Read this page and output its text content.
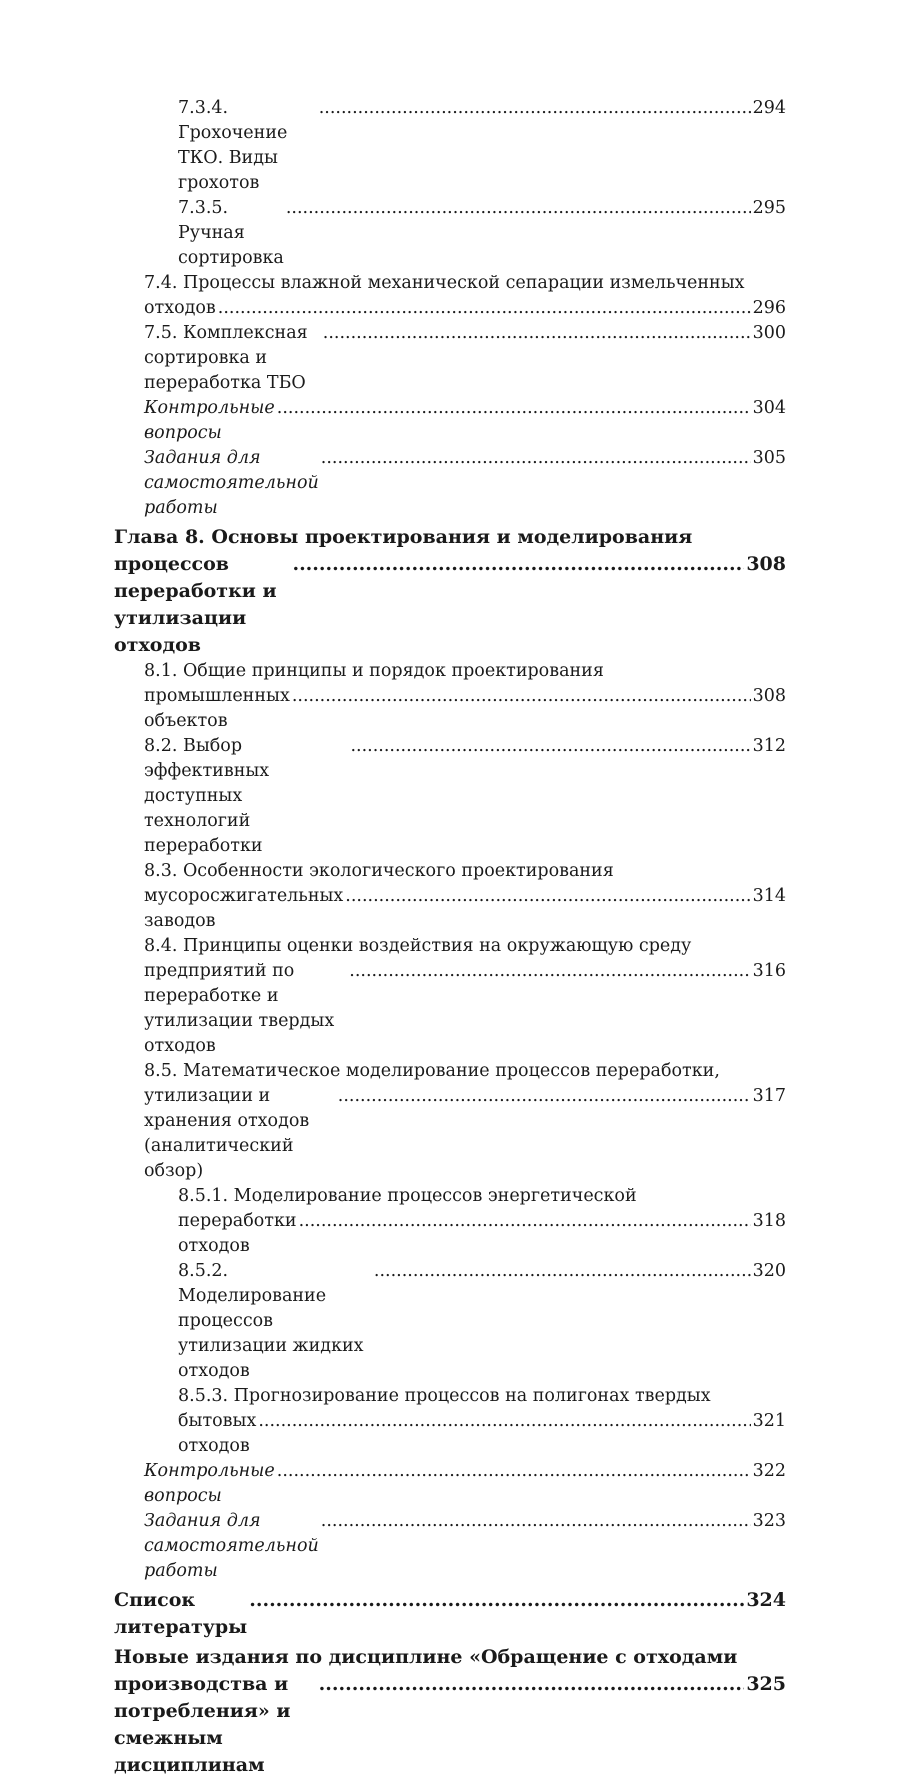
7.3.4. Грохочение ТКО. Виды грохотов
.....
294
7.3.5. Ручная сортировка
.....
295
7.4. Процессы влажной механической сепарации измельченных
отходов
.....	296
7.5. Комплексная сортировка и переработка ТБО
.....
300
Контрольные вопросы
.....
304
Задания для самостоятельной работы
.....
305
Глава 8. Основы проектирования и моделирования
процессов переработки и утилизации отходов
.....
308
8.1. Общие принципы и порядок проектирования
промышленных объектов
.....
308
8.2. Выбор эффективных доступных технологий переработки
.....
312
8.3. Особенности экологического проектирования
мусоросжигательных заводов
.....
314
8.4. Принципы оценки воздействия на окружающую среду
предприятий по переработке и утилизации твердых отходов
.....
316
8.5. Математическое моделирование процессов переработки,
утилизации и хранения отходов (аналитический обзор)
.....
317
8.5.1. Моделирование процессов энергетической
переработки отходов
.....
318
8.5.2. Моделирование процессов утилизации жидких отходов
.....
320
8.5.3. Прогнозирование процессов на полигонах твердых
бытовых отходов
.....
321
Контрольные вопросы
.....
322
Задания для самостоятельной работы
.....
323
Список литературы
.....
324
Новые издания по дисциплине «Обращение с отходами
производства и потребления» и смежным дисциплинам
.....
325
